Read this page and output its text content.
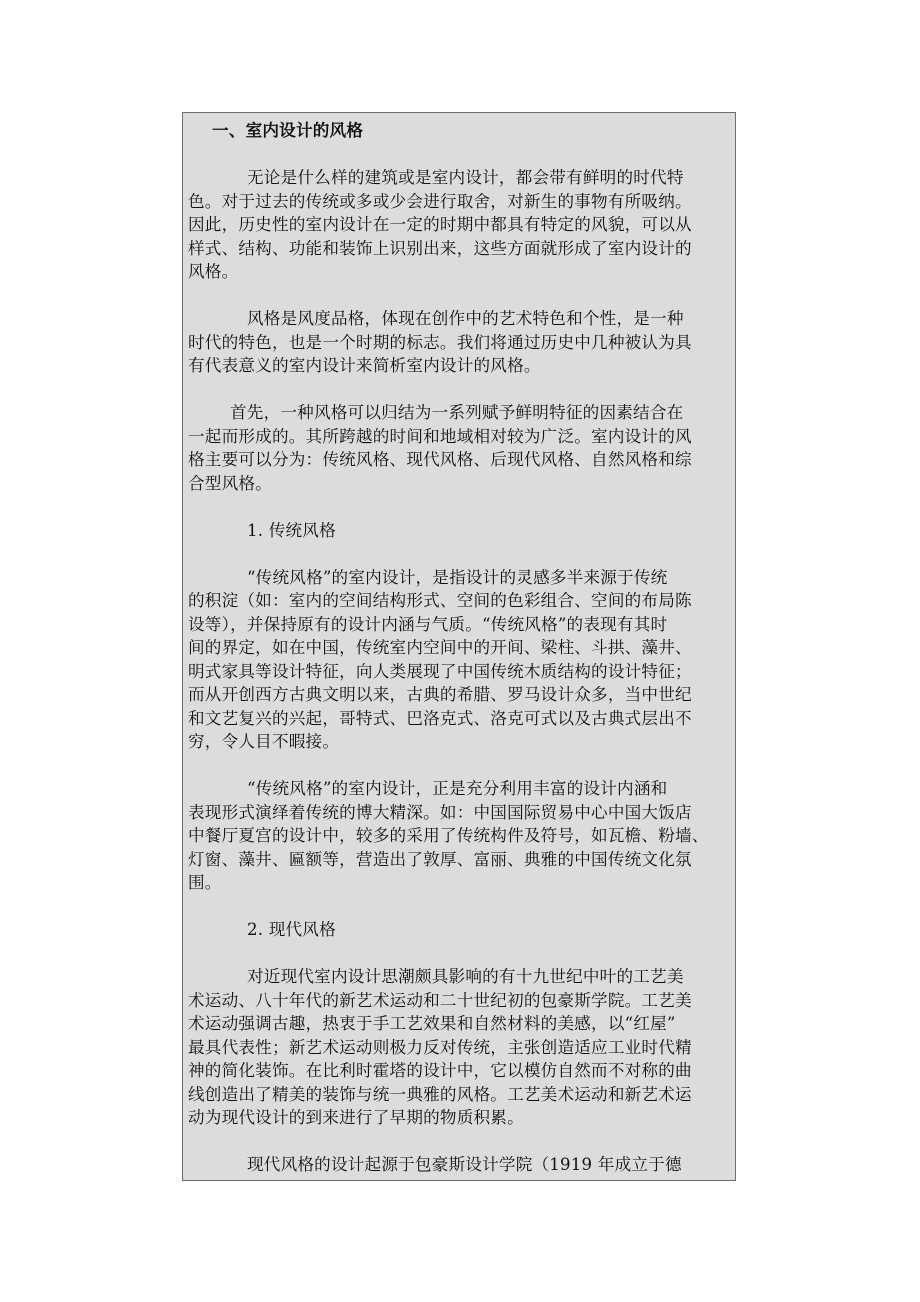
一、室内设计的风格
无论是什么样的建筑或是室内设计，都会带有鲜明的时代特
色。对于过去的传统或多或少会进行取舍，对新生的事物有所吸纳。
因此，历史性的室内设计在一定的时期中都具有特定的风貌，可以从
样式、结构、功能和装饰上识别出来，这些方面就形成了室内设计的
风格。
风格是风度品格，体现在创作中的艺术特色和个性，是一种
时代的特色，也是一个时期的标志。我们将通过历史中几种被认为具
有代表意义的室内设计来简析室内设计的风格。
首先，一种风格可以归结为一系列赋予鲜明特征的因素结合在
一起而形成的。其所跨越的时间和地域相对较为广泛。室内设计的风
格主要可以分为：传统风格、现代风格、后现代风格、自然风格和综
合型风格。
1. 传统风格
“传统风格”的室内设计，是指设计的灵感多半来源于传统
的积淀（如：室内的空间结构形式、空间的色彩组合、空间的布局陈
设等），并保持原有的设计内涵与气质。“传统风格”的表现有其时
间的界定，如在中国，传统室内空间中的开间、梁柱、斗拱、藻井、
明式家具等设计特征，向人类展现了中国传统木质结构的设计特征；
而从开创西方古典文明以来，古典的希腊、罗马设计众多，当中世纪
和文艺复兴的兴起，哥特式、巴洛克式、洛克可式以及古典式层出不
穷，令人目不暇接。
“传统风格”的室内设计，正是充分利用丰富的设计内涵和
表现形式演绎着传统的博大精深。如：中国国际贸易中心中国大饭店
中餐厅夏宫的设计中，较多的采用了传统构件及符号，如瓦檐、粉墙、
灯窗、藻井、匾额等，营造出了敦厚、富丽、典雅的中国传统文化氛
围。
2. 现代风格
对近现代室内设计思潮颇具影响的有十九世纪中叶的工艺美
术运动、八十年代的新艺术运动和二十世纪初的包豪斯学院。工艺美
术运动强调古趣，热衷于手工艺效果和自然材料的美感，以“红屋”
最具代表性；新艺术运动则极力反对传统，主张创造适应工业时代精
神的简化装饰。在比利时霍塔的设计中，它以模仿自然而不对称的曲
线创造出了精美的装饰与统一典雅的风格。工艺美术运动和新艺术运
动为现代设计的到来进行了早期的物质积累。
现代风格的设计起源于包豪斯设计学院（1919 年成立于德
